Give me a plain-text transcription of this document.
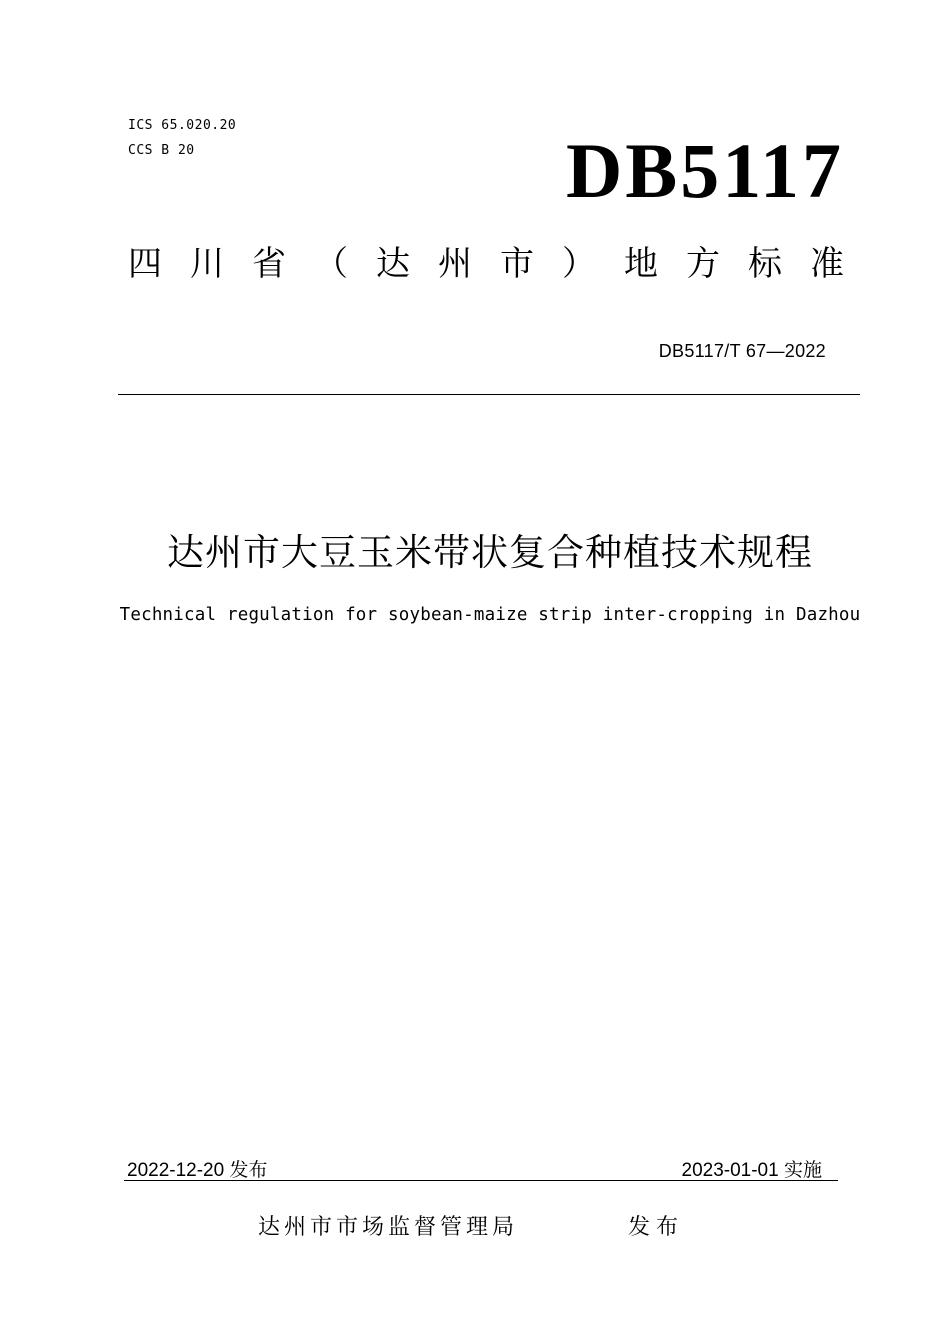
ICS 65.020.20
CCS B 20	DB5117
四 川 省 （ 达 州 市 ） 地 方 标 准
DB5117/T 67—2022
达州市大豆玉米带状复合种植技术规程
Technical regulation for soybean-maize strip inter-cropping in Dazhou
2022-12-20 发布	2023-01-01 实施
达州市市场监督管理局	发布
